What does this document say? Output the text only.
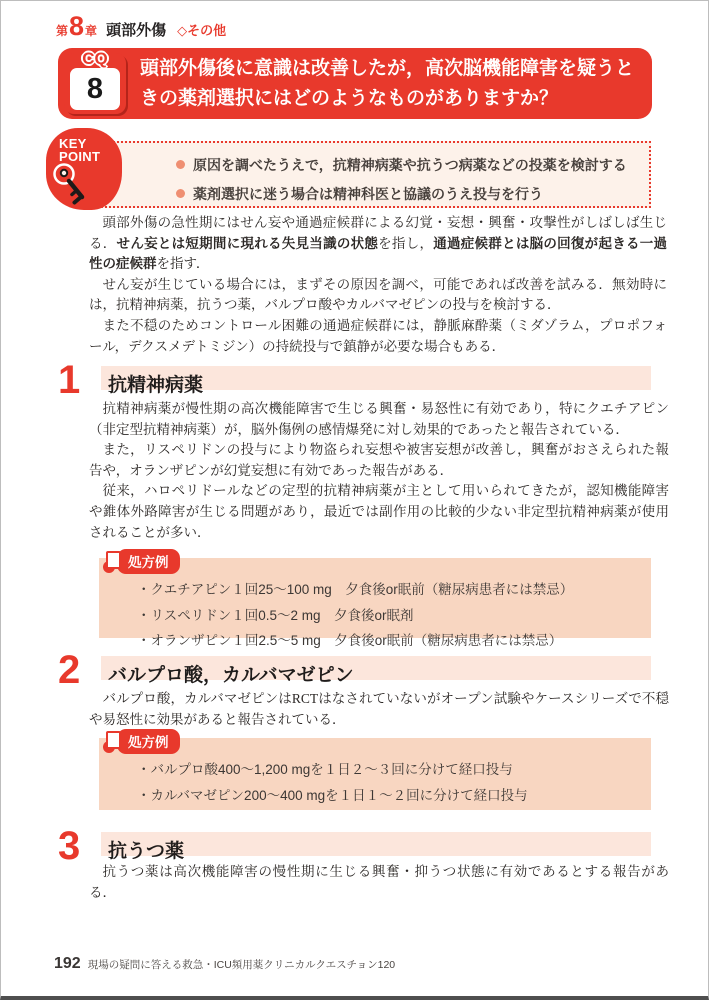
第 8 章 頭部外傷 ◇その他
CQ
8
頭部外傷後に意識は改善したが，高次脳機能障害を疑うときの薬剤選択にはどのようなものがありますか？
原因を調べたうえで，抗精神病薬や抗うつ病薬などの投薬を検討する
薬剤選択に迷う場合は精神科医と協議のうえ投与を行う
KEY
POINT

頭部外傷の急性期にはせん妄や通過症候群による幻覚・妄想・興奮・攻撃性がしばしば生じる．せん妄とは短期間に現れる失見当識の状態を指し，通過症候群とは脳の回復が起きる一過性の症候群を指す．

せん妄が生じている場合には，まずその原因を調べ，可能であれば改善を試みる．無効時には，抗精神病薬，抗うつ薬，バルプロ酸やカルバマゼピンの投与を検討する．

また不穏のためコントロール困難の通過症候群には，静脈麻酔薬（ミダゾラム，プロポフォール，デクスメデトミジン）の持続投与で鎮静が必要な場合もある．

1 抗精神病薬

抗精神病薬が慢性期の高次機能障害で生じる興奮・易怒性に有効であり，特にクエチアピン（非定型抗精神病薬）が，脳外傷例の感情爆発に対し効果的であったと報告されている．

また，リスペリドンの投与により物盗られ妄想や被害妄想が改善し，興奮がおさえられた報告や，オランザピンが幻覚妄想に有効であった報告がある．

従来，ハロペリドールなどの定型的抗精神病薬が主として用いられてきたが，認知機能障害や錐体外路障害が生じる問題があり，最近では副作用の比較的少ない非定型抗精神病薬が使用されることが多い．

処方例
・クエチアピン１回25～100 mg　夕食後or眠前（糖尿病患者には禁忌）
・リスペリドン１回0.5～2 mg　夕食後or眠剤
・オランザピン１回2.5～5 mg　夕食後or眠前（糖尿病患者には禁忌）
2 バルプロ酸，カルバマゼピン

バルプロ酸，カルバマゼピンはRCTはなされていないがオープン試験やケースシリーズで不穏や易怒性に効果があると報告されている．

処方例
・バルプロ酸400～1,200 mgを１日２～３回に分けて経口投与
・カルバマゼピン200～400 mgを１日１～２回に分けて経口投与
3 抗うつ薬

抗うつ薬は高次機能障害の慢性期に生じる興奮・抑うつ状態に有効であるとする報告がある．

192 現場の疑問に答える救急・ICU頻用薬クリニカルクエスチョン120
